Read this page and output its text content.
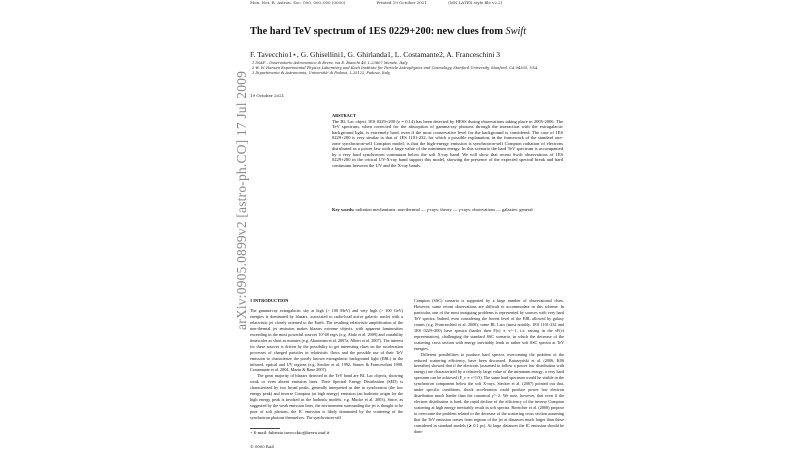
arXiv:0905.0899v2 [astro-ph.CO] 17 Jul 2009
Mon. Not. R. Astron. Soc. 000, 000–000 (0000)	Printed 19 October 2021	(MN LATEX style file v2.2)
The hard TeV spectrum of 1ES 0229+200: new clues from Swift
F. Tavecchio1⋆, G. Ghisellini1, G. Ghirlanda1, L. Costamante2, A. Franceschini 3
1 INAF – Osservatorio Astronomico di Brera, via E. Bianchi 46, I–23807 Merate, Italy
2 W. W. Hansen Experimental Physics Laboratory and Kavli Institute for Particle Astrophysics and Cosmology, Stanford University, Stanford, CA 94305, USA
3 Dipartimento di Astronomia, Università' di Padova, I–35122, Padova, Italy
19 October 2021
ABSTRACT
The BL Lac object 1ES 0229+200 (z = 0.14) has been detected by HESS during observations taking place in 2005-2006. The TeV spectrum, when corrected for the absorption of gamma-ray photons through the interaction with the extragalactic background light, is extremely hard, even if the most conservative level for the background is considered. The case of 1ES 0229+200 is very similar to that of 1ES 1101-232, for which a possible explanation, in the framework of the standard one-zone synchrotron-self Compton model, is that the high-energy emission is synchrotron-self Compton radiation of electrons distributed as a power law with a large value of the minimum energy. In this scenario the hard TeV spectrum is accompanied by a very hard synchrotron continuum below the soft X-ray band. We will show that recent Swift observations of 1ES 0229+200 in the critical UV-X-ray band support this model, showing the presence of the expected spectral break and hard continuum between the UV and the X-ray bands.
Key words: radiation mechanisms: non-thermal — γ-rays: theory — γ-rays: observations — galaxies: general
1 INTRODUCTION
The gamma-ray extragalactic sky at high (> 100 MeV) and very high (> 100 GeV) energies is dominated by blazars, associated to radio-loud active galactic nuclei with a relativistic jet closely oriented to the Earth. The resulting relativistic amplification of the non-thermal jet emission makes blazars extreme objects, with apparent luminosities exceeding in the most powerful sources 10^48 erg/s (e.g. Abdo et al. 2009) and variability timescales as short as minutes (e.g. Aharonian et al. 2007a, Albert et al. 2007). The interest for these sources is driven by the possibility to get interesting clues on the acceleration processes of charged particles in relativistic flows and the possible use of their TeV emission to characterize the poorly known extragalactic background light (EBL) in the infrared, optical and UV regions (e.g. Stecker et al. 1992, Stanev & Franceschini 1998, Costamante et al. 2004, Mazin & Raue 2007).
The great majority of blazars detected in the TeV band are BL Lac objects, showing weak or even absent emission lines. Their Spectral Energy Distribution (SED) is characterized by two broad peaks, generally interpreted as due to synchrotron (the low energy peak) and inverse Compton (at high energy) emission (an hadronic origin for the high energy peak is invoked in the hadronic models, e.g. Mucke et al. 2003). Since, as suggested by the weak emission lines, the environment surrounding the jet is thought to be poor of soft photons, the IC emission is likely dominated by the scattering of the synchrotron photons themselves. The synchrotron-self
Compton (SSC) scenario is supported by a large number of observational clues. However, some recent observations are difficult to accommodate in this scheme. In particular, one of the most intriguing problems is represented by sources with very hard TeV spectra. Indeed, even considering the lowest level of the EBL allowed by galaxy counts (e.g. Franceschini et al. 2008), some BL Lacs (most notably, 1ES 1101-232 and 1ES 0229+200) have spectra (harder then F(ν) ∝ ν^−1, i.e. raising in the νF(ν) representation), challenging the standard SSC scenario, in which the decrease of the scattering cross section with energy inevitably leads to rather soft SSC spectra at TeV energies.
Different possibilities to produce hard spectra, overcoming the problem of the reduced scattering efficiency, have been discussed. Katarzyński et al. (2006, K06 hereafter) showed that if the electrons (assumed to follow a power law distribution with energy) are characterized by a relatively large value of the minimum energy, a very hard spectrum can be achieved (F_ν ∝ ν^1/3). The same hard spectrum would be visible in the synchrotron component below the soft X-rays. Stecker et al. (2007) pointed out that, under specific conditions, shock acceleration could produce power law electron distribution much harder than the canonical γ^−2. We note, however, that even if the electron distribution is hard, the rapid decline of the efficiency of the inverse Compton scattering at high energy inevitably result in soft spectra. Boettcher et al. (2008) propose to overcome the problem related to the decrease of the scattering cross section assuming that the TeV emission comes from regions of the jet at distances much larger than those considered in standard models (≳ 0.1 pc). At large distances the IC emission should be dom-
⋆ E-mail: fabrizio.tavecchio@brera.inaf.it
© 0000 RAS
